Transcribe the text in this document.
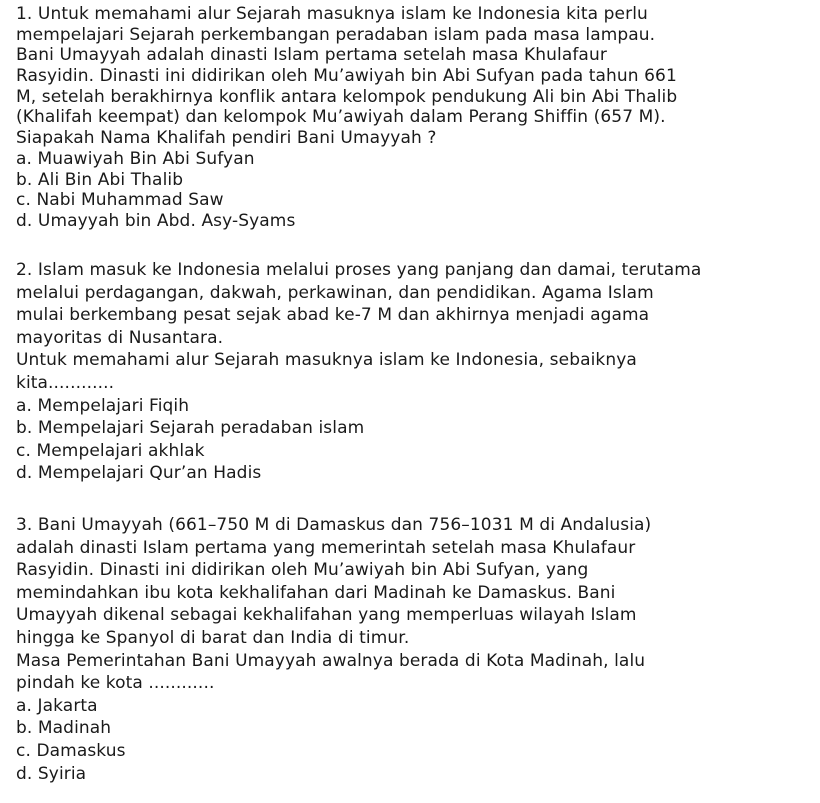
1. Untuk memahami alur Sejarah masuknya islam ke Indonesia kita perlu
mempelajari Sejarah perkembangan peradaban islam pada masa lampau.
Bani Umayyah adalah dinasti Islam pertama setelah masa Khulafaur
Rasyidin. Dinasti ini didirikan oleh Mu’awiyah bin Abi Sufyan pada tahun 661
M, setelah berakhirnya konflik antara kelompok pendukung Ali bin Abi Thalib
(Khalifah keempat) dan kelompok Mu’awiyah dalam Perang Shiffin (657 M).
Siapakah Nama Khalifah pendiri Bani Umayyah ?
a. Muawiyah Bin Abi Sufyan
b. Ali Bin Abi Thalib
c. Nabi Muhammad Saw
d. Umayyah bin Abd. Asy-Syams
2. Islam masuk ke Indonesia melalui proses yang panjang dan damai, terutama
melalui perdagangan, dakwah, perkawinan, dan pendidikan. Agama Islam
mulai berkembang pesat sejak abad ke-7 M dan akhirnya menjadi agama
mayoritas di Nusantara.
Untuk memahami alur Sejarah masuknya islam ke Indonesia, sebaiknya
kita............
a. Mempelajari Fiqih
b. Mempelajari Sejarah peradaban islam
c. Mempelajari akhlak
d. Mempelajari Qur’an Hadis
3. Bani Umayyah (661–750 M di Damaskus dan 756–1031 M di Andalusia)
adalah dinasti Islam pertama yang memerintah setelah masa Khulafaur
Rasyidin. Dinasti ini didirikan oleh Mu’awiyah bin Abi Sufyan, yang
memindahkan ibu kota kekhalifahan dari Madinah ke Damaskus. Bani
Umayyah dikenal sebagai kekhalifahan yang memperluas wilayah Islam
hingga ke Spanyol di barat dan India di timur.
Masa Pemerintahan Bani Umayyah awalnya berada di Kota Madinah, lalu
pindah ke kota ............
a. Jakarta
b. Madinah
c. Damaskus
d. Syiria
